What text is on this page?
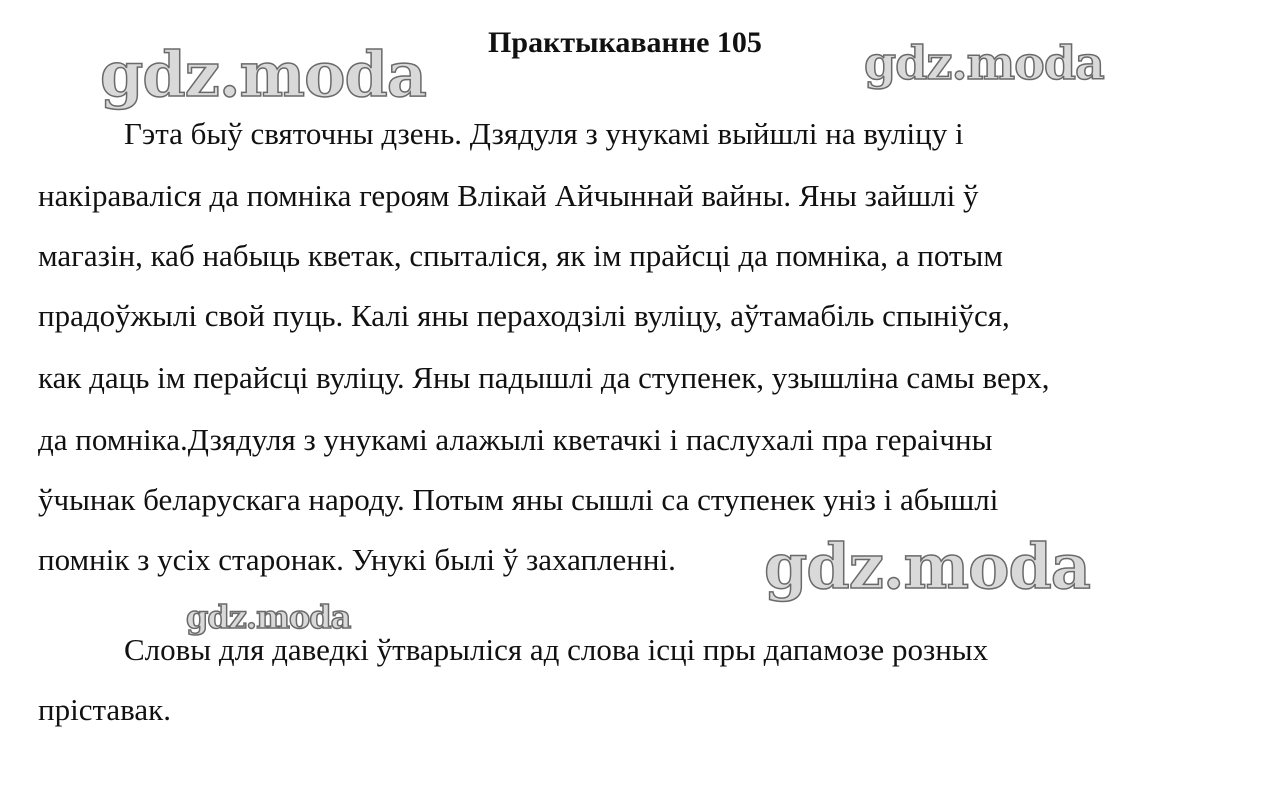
Практыкаванне 105
gdz.moda	gdz.moda
Гэта быў святочны дзень. Дзядуля з унукамі выйшлі на вуліцу і
накіраваліся да помніка героям Влікай Айчыннай вайны. Яны зайшлі ў
магазін, каб набыць кветак, спыталіся, як ім прайсці да помніка, а потым
прадоўжылі свой пуць. Калі яны пераходзілі вуліцу, аўтамабіль спыніўся,
как даць ім перайсці вуліцу. Яны падышлі да ступенек, узышліна самы верх,
да помніка.Дзядуля з унукамі алажылі кветачкі і паслухалі пра гераічны
ўчынак беларускага народу. Потым яны сышлі са ступенек уніз і абышлі
помнік з усіх старонак. Унукі былі ў захапленні. gdz.moda
gdz.moda
Словы для даведкі ўтварыліся ад слова ісці пры дапамозе розных
пріставак.
